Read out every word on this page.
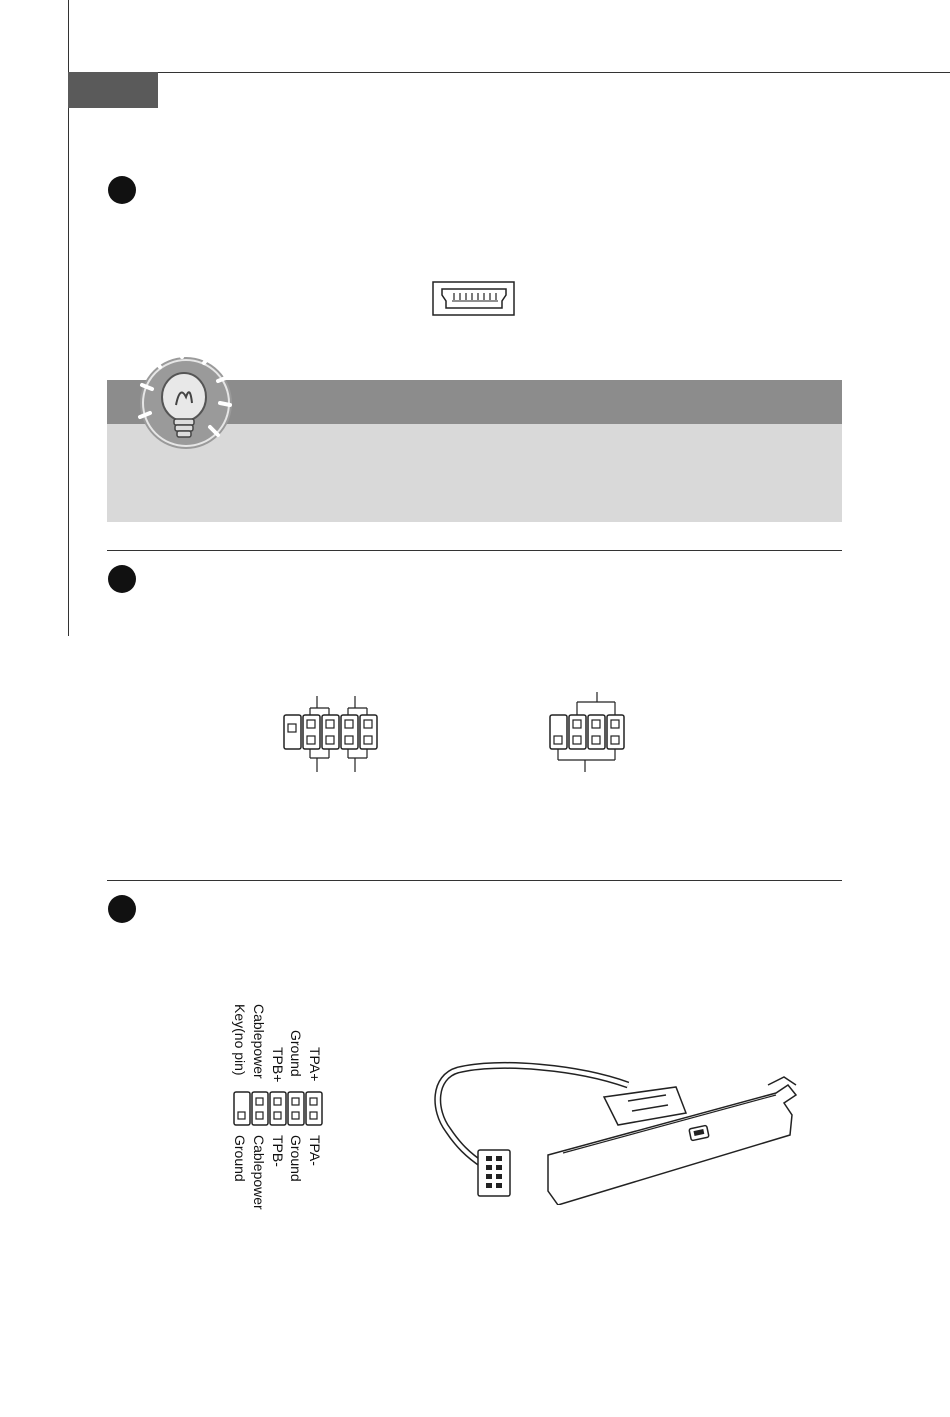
TPA+
Ground
TPB+
Cablepower
Key(no pin)
TPA-
Ground
TPB-
Cablepower
Ground
